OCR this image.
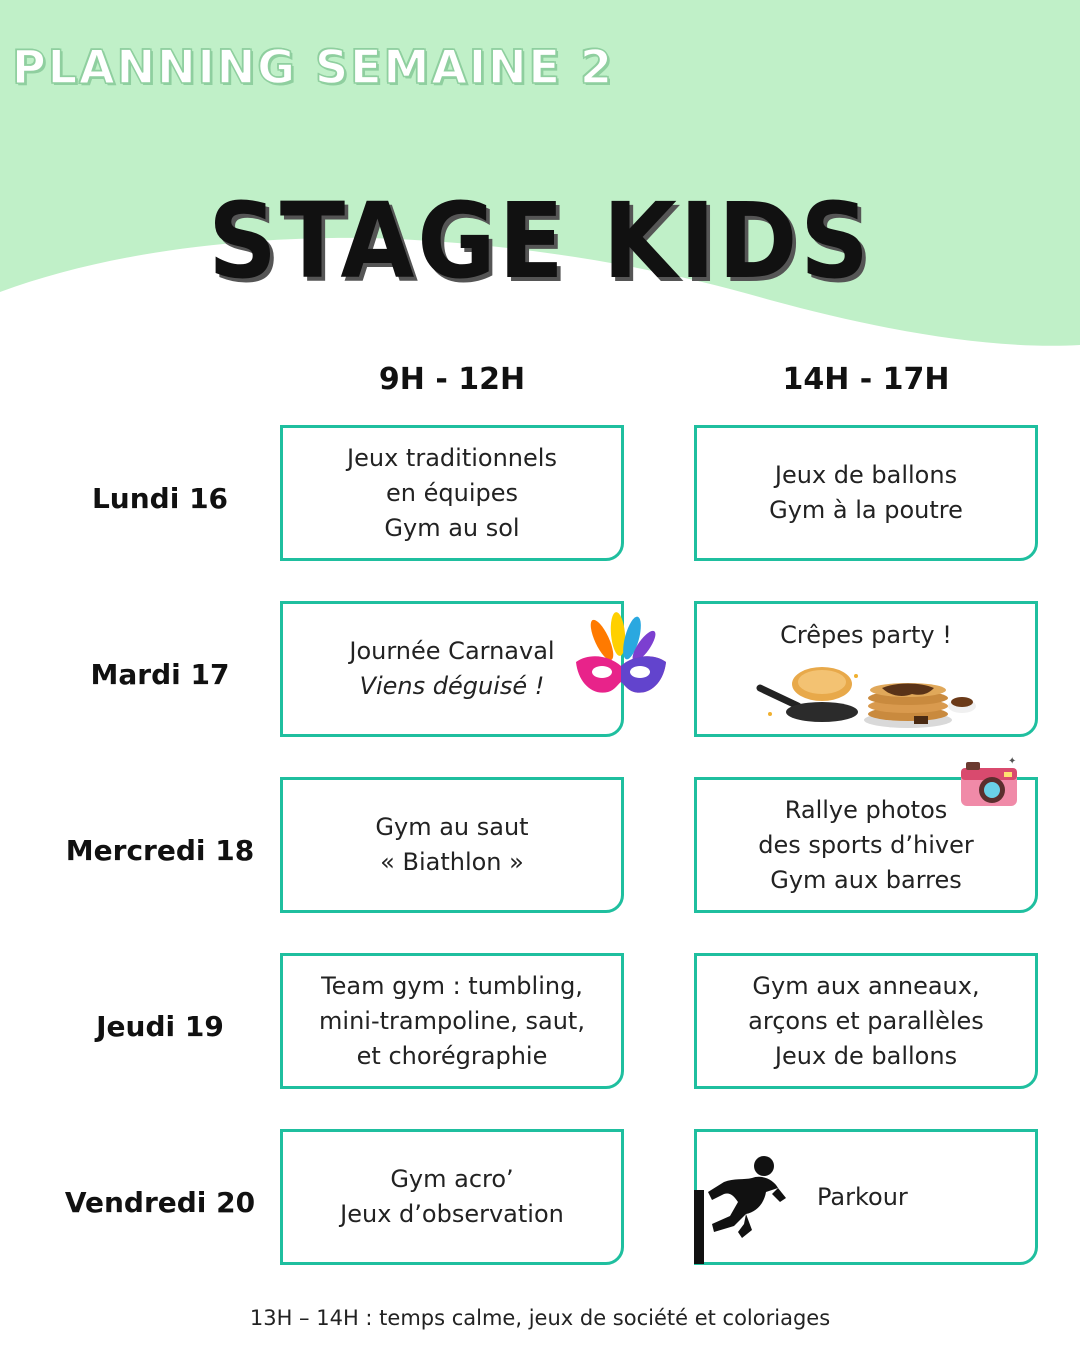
PLANNING SEMAINE 2
STAGE KIDS
9H - 12H	14H - 17H
Lundi 16
Jeux traditionnels
en équipes
Gym au sol
Jeux de ballons
Gym à la poutre
Mardi 17
Journée Carnaval
Viens déguisé !
Crêpes party !
Mercredi 18
Gym au saut
« Biathlon »
Rallye photos
des sports d’hiver
Gym aux barres
Jeudi 19
Team gym : tumbling,
mini-trampoline, saut,
et chorégraphie
Gym aux anneaux,
arçons et parallèles
Jeux de ballons
Vendredi 20
Gym acro’
Jeux d’observation
Parkour
✦
13H – 14H : temps calme, jeux de société et coloriages
